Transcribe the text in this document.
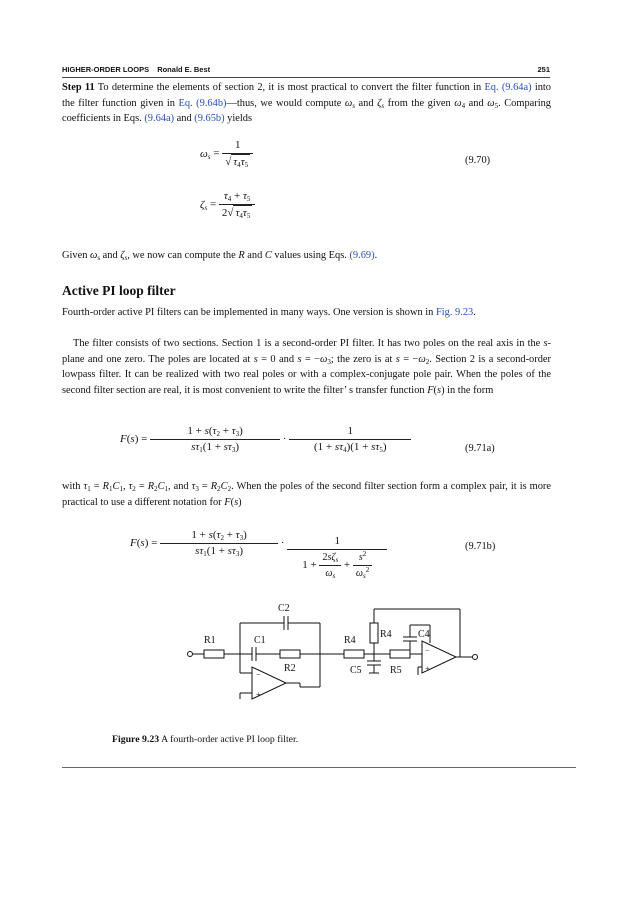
HIGHER-ORDER LOOPS Ronald E. Best	251
Step 11 To determine the elements of section 2, it is most practical to convert the filter function in Eq. (9.64a) into the filter function given in Eq. (9.64b)—thus, we would compute $\omega_s$ and $\zeta_s$ from the given $\omega_4$ and $\omega_5$. Comparing coefficients in Eqs. (9.64a) and (9.65b) yields
$\omega_s = \frac{1}{√ \tau_4\tau_5}$	(9.70)
$\zeta_s = \frac{\tau_4 + \tau_5}{2√ \tau_4\tau_5}$
Given $\omega_s$ and $\zeta_s$, we now can compute the R and C values using Eqs. (9.69).
Active PI loop filter
Fourth-order active PI filters can be implemented in many ways. One version is shown in Fig. 9.23.
The filter consists of two sections. Section 1 is a second-order PI filter. It has two poles on the real axis in the s-plane and one zero. The poles are located at s = 0 and $s = -\omega_3$; the zero is at $s = -\omega_2$. Section 2 is a second-order lowpass filter. It can be realized with two real poles or with a complex-conjugate pole pair. When the poles of the second filter section are real, it is most convenient to write the filter’ s transfer function F(s) in the form
$F(s) = \frac{1 + s(\tau_2 + \tau_3)}{s\tau_1(1 + s\tau_3)} \cdot \frac{1}{(1 + s\tau_4)(1 + s\tau_5)}$	(9.71a)
with $\tau_1 = R_1C_1$, $\tau_2 = R_2C_1$, and $\tau_3 = R_2C_2$. When the poles of the second filter section form a complex pair, it is more practical to use a different notation for F(s)
$F(s) = \frac{1 + s(\tau_2 + \tau_3)}{s\tau_1(1 + s\tau_3)} \cdot \frac{1}{1 + \frac{2s\zeta_s}{\omega_s} + \frac{s^2}{\omega_s^2}}$	(9.71b)
−
+
−
+
C2
R1	C1
R2
R4
R4	C4
C5	R5
Figure 9.23 A fourth-order active PI loop filter.
